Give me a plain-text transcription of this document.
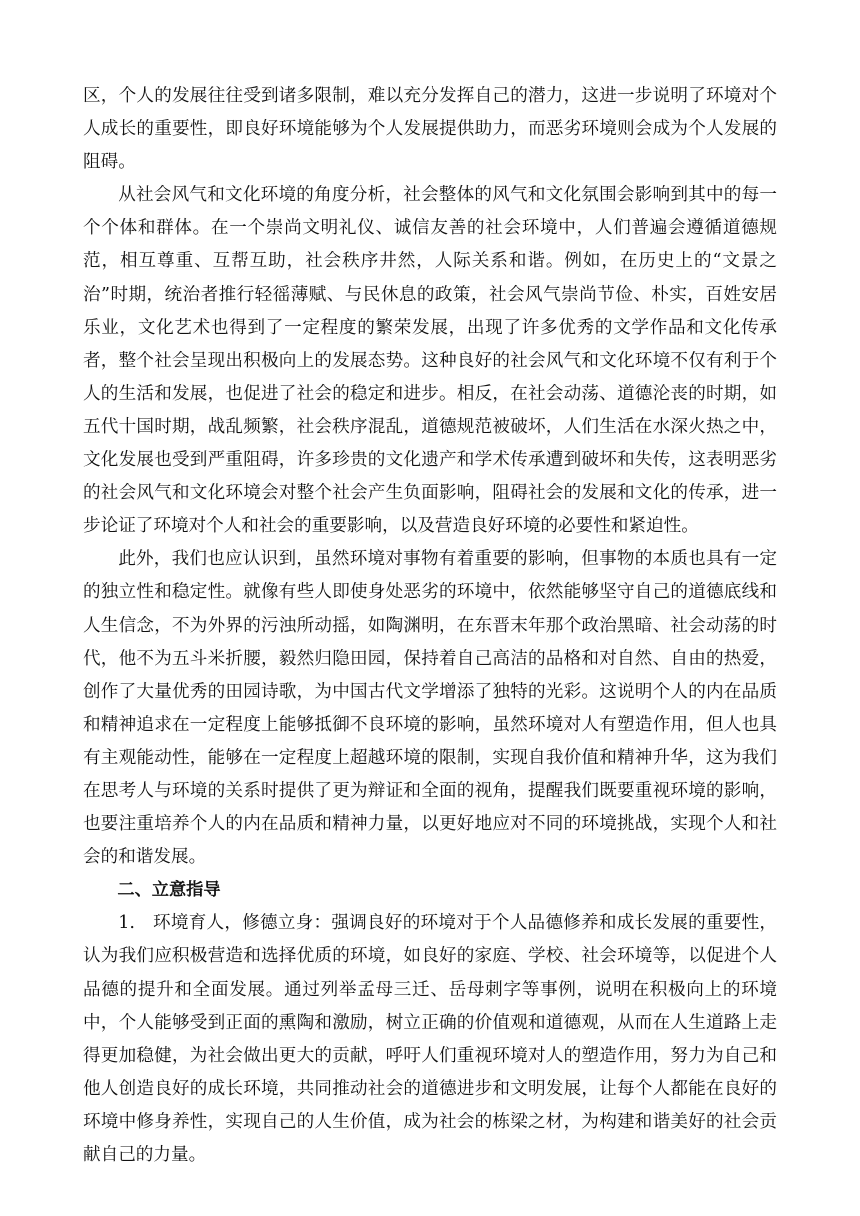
区，个人的发展往往受到诸多限制，难以充分发挥自己的潜力，这进一步说明了环境对个人成长的重要性，即良好环境能够为个人发展提供助力，而恶劣环境则会成为个人发展的阻碍。

从社会风气和文化环境的角度分析，社会整体的风气和文化氛围会影响到其中的每一个个体和群体。在一个崇尚文明礼仪、诚信友善的社会环境中，人们普遍会遵循道德规范，相互尊重、互帮互助，社会秩序井然，人际关系和谐。例如，在历史上的“文景之治”时期，统治者推行轻徭薄赋、与民休息的政策，社会风气崇尚节俭、朴实，百姓安居乐业，文化艺术也得到了一定程度的繁荣发展，出现了许多优秀的文学作品和文化传承者，整个社会呈现出积极向上的发展态势。这种良好的社会风气和文化环境不仅有利于个人的生活和发展，也促进了社会的稳定和进步。相反，在社会动荡、道德沦丧的时期，如五代十国时期，战乱频繁，社会秩序混乱，道德规范被破坏，人们生活在水深火热之中，文化发展也受到严重阻碍，许多珍贵的文化遗产和学术传承遭到破坏和失传，这表明恶劣的社会风气和文化环境会对整个社会产生负面影响，阻碍社会的发展和文化的传承，进一步论证了环境对个人和社会的重要影响，以及营造良好环境的必要性和紧迫性。

此外，我们也应认识到，虽然环境对事物有着重要的影响，但事物的本质也具有一定的独立性和稳定性。就像有些人即使身处恶劣的环境中，依然能够坚守自己的道德底线和人生信念，不为外界的污浊所动摇，如陶渊明，在东晋末年那个政治黑暗、社会动荡的时代，他不为五斗米折腰，毅然归隐田园，保持着自己高洁的品格和对自然、自由的热爱，创作了大量优秀的田园诗歌，为中国古代文学增添了独特的光彩。这说明个人的内在品质和精神追求在一定程度上能够抵御不良环境的影响，虽然环境对人有塑造作用，但人也具有主观能动性，能够在一定程度上超越环境的限制，实现自我价值和精神升华，这为我们在思考人与环境的关系时提供了更为辩证和全面的视角，提醒我们既要重视环境的影响，也要注重培养个人的内在品质和精神力量，以更好地应对不同的环境挑战，实现个人和社会的和谐发展。

二、立意指导

1.　环境育人，修德立身：强调良好的环境对于个人品德修养和成长发展的重要性，认为我们应积极营造和选择优质的环境，如良好的家庭、学校、社会环境等，以促进个人品德的提升和全面发展。通过列举孟母三迁、岳母刺字等事例，说明在积极向上的环境中，个人能够受到正面的熏陶和激励，树立正确的价值观和道德观，从而在人生道路上走得更加稳健，为社会做出更大的贡献，呼吁人们重视环境对人的塑造作用，努力为自己和他人创造良好的成长环境，共同推动社会的道德进步和文明发展，让每个人都能在良好的环境中修身养性，实现自己的人生价值，成为社会的栋梁之材，为构建和谐美好的社会贡献自己的力量。
